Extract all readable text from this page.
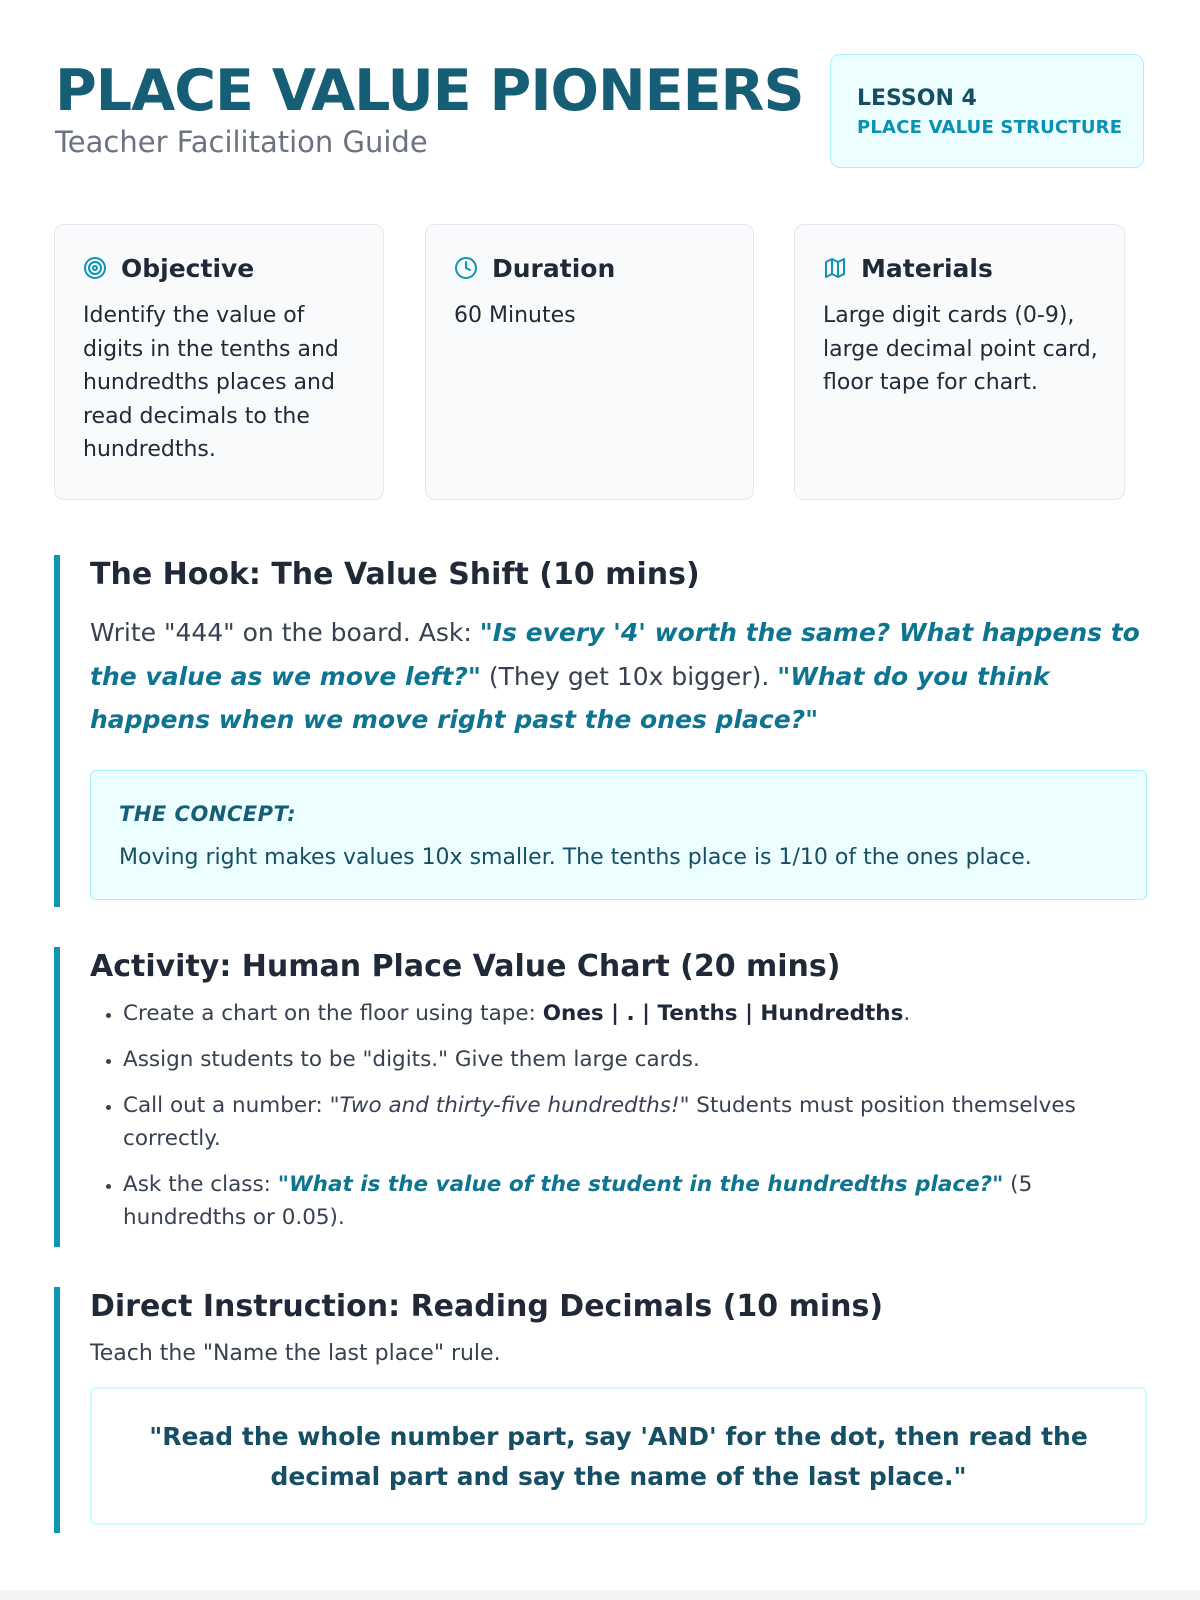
PLACE VALUE PIONEERS
Teacher Facilitation Guide
LESSON 4
PLACE VALUE STRUCTURE
Objective
Identify the value of digits in the tenths and hundredths places and read decimals to the hundredths.
Duration
60 Minutes
Materials
Large digit cards (0-9), large decimal point card, floor tape for chart.
The Hook: The Value Shift (10 mins)
Write "444" on the board. Ask: "Is every '4' worth the same? What happens to the value as we move left?" (They get 10x bigger). "What do you think happens when we move right past the ones place?"
THE CONCEPT:
Moving right makes values 10x smaller. The tenths place is 1/10 of the ones place.
Activity: Human Place Value Chart (20 mins)
• Create a chart on the floor using tape: Ones | . | Tenths | Hundredths.
• Assign students to be "digits." Give them large cards.
• Call out a number: "Two and thirty-five hundredths!" Students must position themselves correctly.
• Ask the class: "What is the value of the student in the hundredths place?" (5 hundredths or 0.05).
Direct Instruction: Reading Decimals (10 mins)
Teach the "Name the last place" rule.
"Read the whole number part, say 'AND' for the dot, then read the decimal part and say the name of the last place."
